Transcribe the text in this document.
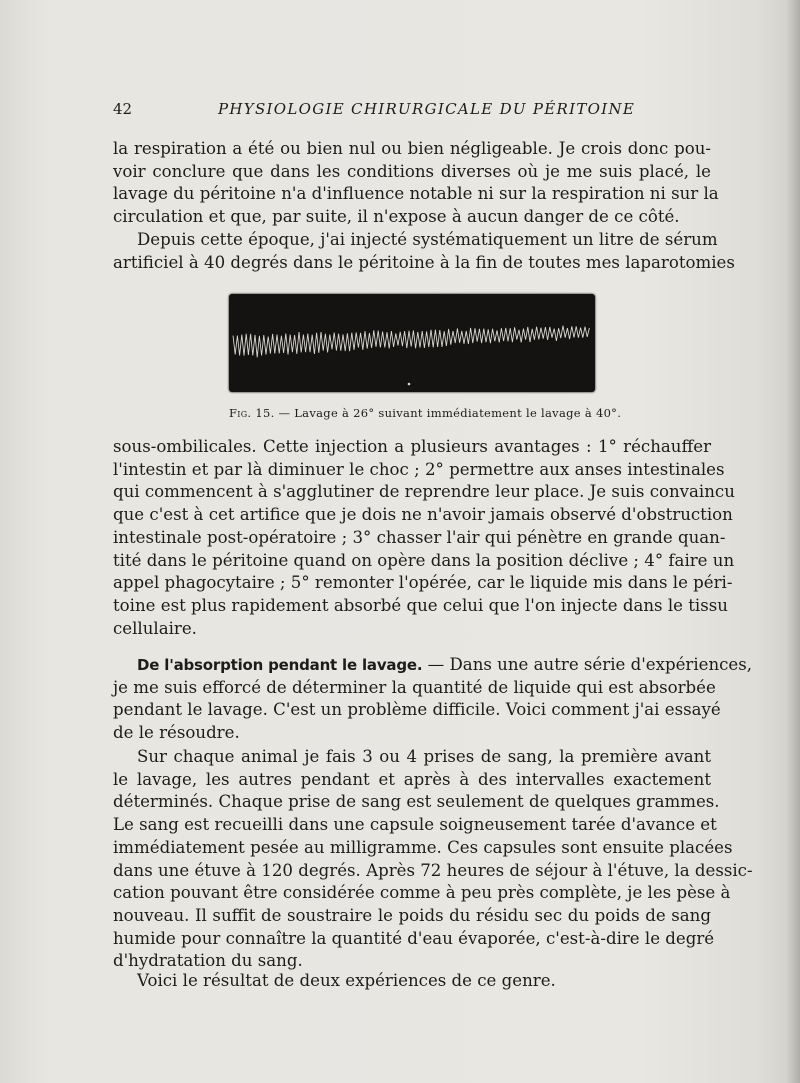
42	PHYSIOLOGIE CHIRURGICALE DU PÉRITOINE
la respiration a été ou bien nul ou bien négligeable. Je crois donc pou-
voir conclure que dans les conditions diverses où je me suis placé, le
lavage du péritoine n'a d'influence notable ni sur la respiration ni sur la
circulation et que, par suite, il n'expose à aucun danger de ce côté.
Depuis cette époque, j'ai injecté systématiquement un litre de sérum
artificiel à 40 degrés dans le péritoine à la fin de toutes mes laparotomies
Fig. 15. — Lavage à 26° suivant immédiatement le lavage à 40°.
sous-ombilicales. Cette injection a plusieurs avantages : 1° réchauffer
l'intestin et par là diminuer le choc ; 2° permettre aux anses intestinales
qui commencent à s'agglutiner de reprendre leur place. Je suis convaincu
que c'est à cet artifice que je dois ne n'avoir jamais observé d'obstruction
intestinale post-opératoire ; 3° chasser l'air qui pénètre en grande quan-
tité dans le péritoine quand on opère dans la position déclive ; 4° faire un
appel phagocytaire ; 5° remonter l'opérée, car le liquide mis dans le péri-
toine est plus rapidement absorbé que celui que l'on injecte dans le tissu
cellulaire.
De l'absorption pendant le lavage. — Dans une autre série d'expériences,
je me suis efforcé de déterminer la quantité de liquide qui est absorbée
pendant le lavage. C'est un problème difficile. Voici comment j'ai essayé
de le résoudre.
Sur chaque animal je fais 3 ou 4 prises de sang, la première avant
le lavage, les autres pendant et après à des intervalles exactement
déterminés. Chaque prise de sang est seulement de quelques grammes.
Le sang est recueilli dans une capsule soigneusement tarée d'avance et
immédiatement pesée au milligramme. Ces capsules sont ensuite placées
dans une étuve à 120 degrés. Après 72 heures de séjour à l'étuve, la dessic-
cation pouvant être considérée comme à peu près complète, je les pèse à
nouveau. Il suffit de soustraire le poids du résidu sec du poids de sang
humide pour connaître la quantité d'eau évaporée, c'est-à-dire le degré
d'hydratation du sang.
Voici le résultat de deux expériences de ce genre.
